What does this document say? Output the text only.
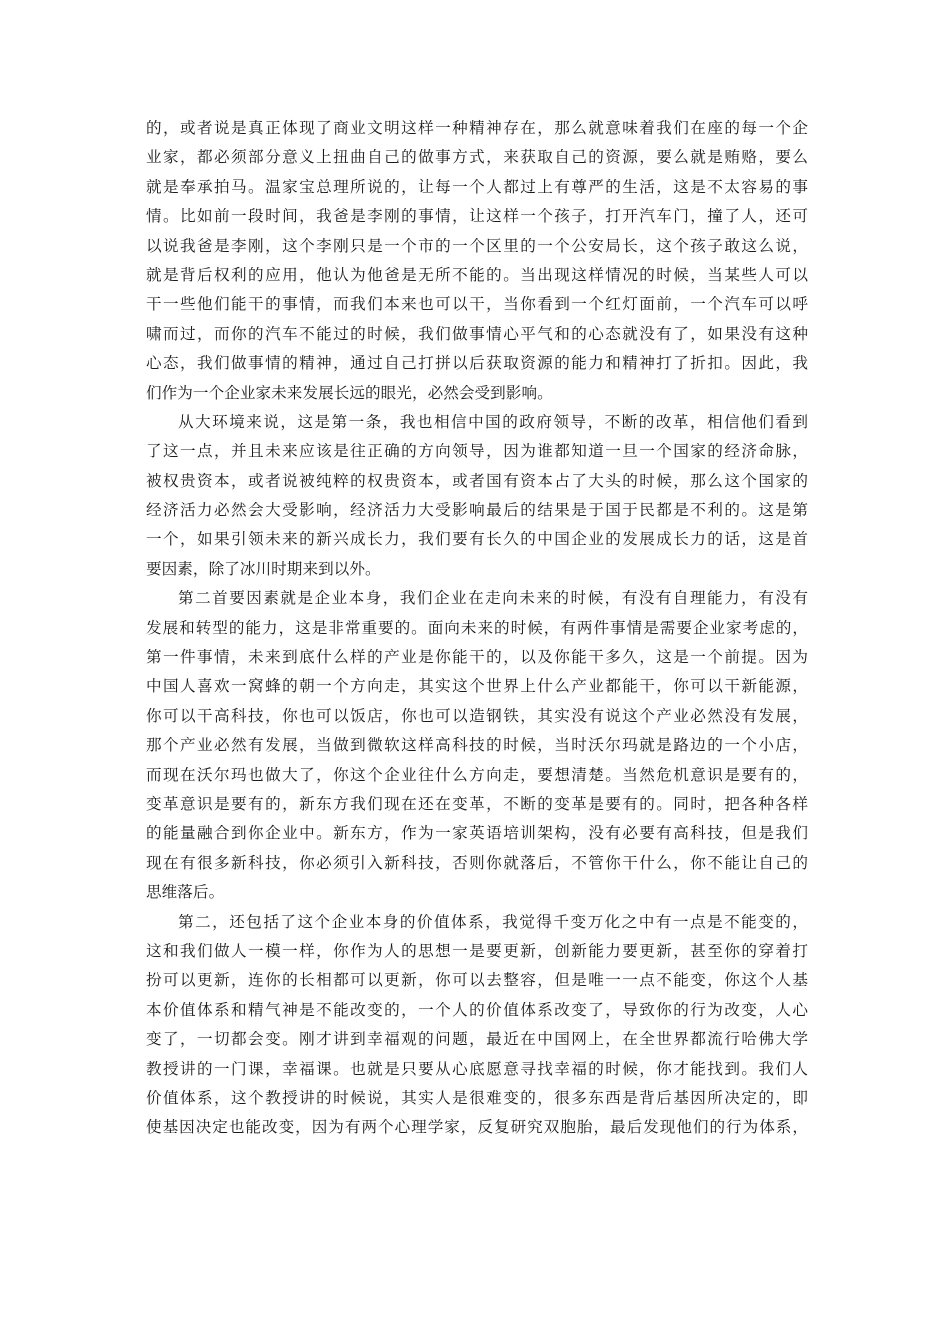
的，或者说是真正体现了商业文明这样一种精神存在，那么就意味着我们在座的每一个企
业家，都必须部分意义上扭曲自己的做事方式，来获取自己的资源，要么就是贿赂，要么
就是奉承拍马。温家宝总理所说的，让每一个人都过上有尊严的生活，这是不太容易的事
情。比如前一段时间，我爸是李刚的事情，让这样一个孩子，打开汽车门，撞了人，还可
以说我爸是李刚，这个李刚只是一个市的一个区里的一个公安局长，这个孩子敢这么说，
就是背后权利的应用，他认为他爸是无所不能的。当出现这样情况的时候，当某些人可以
干一些他们能干的事情，而我们本来也可以干，当你看到一个红灯面前，一个汽车可以呼
啸而过，而你的汽车不能过的时候，我们做事情心平气和的心态就没有了，如果没有这种
心态，我们做事情的精神，通过自己打拼以后获取资源的能力和精神打了折扣。因此，我
们作为一个企业家未来发展长远的眼光，必然会受到影响。
从大环境来说，这是第一条，我也相信中国的政府领导，不断的改革，相信他们看到
了这一点，并且未来应该是往正确的方向领导，因为谁都知道一旦一个国家的经济命脉，
被权贵资本，或者说被纯粹的权贵资本，或者国有资本占了大头的时候，那么这个国家的
经济活力必然会大受影响，经济活力大受影响最后的结果是于国于民都是不利的。这是第
一个，如果引领未来的新兴成长力，我们要有长久的中国企业的发展成长力的话，这是首
要因素，除了冰川时期来到以外。
第二首要因素就是企业本身，我们企业在走向未来的时候，有没有自理能力，有没有
发展和转型的能力，这是非常重要的。面向未来的时候，有两件事情是需要企业家考虑的，
第一件事情，未来到底什么样的产业是你能干的，以及你能干多久，这是一个前提。因为
中国人喜欢一窝蜂的朝一个方向走，其实这个世界上什么产业都能干，你可以干新能源，
你可以干高科技，你也可以饭店，你也可以造钢铁，其实没有说这个产业必然没有发展，
那个产业必然有发展，当做到微软这样高科技的时候，当时沃尔玛就是路边的一个小店，
而现在沃尔玛也做大了，你这个企业往什么方向走，要想清楚。当然危机意识是要有的，
变革意识是要有的，新东方我们现在还在变革，不断的变革是要有的。同时，把各种各样
的能量融合到你企业中。新东方，作为一家英语培训架构，没有必要有高科技，但是我们
现在有很多新科技，你必须引入新科技，否则你就落后，不管你干什么，你不能让自己的
思维落后。
第二，还包括了这个企业本身的价值体系，我觉得千变万化之中有一点是不能变的，
这和我们做人一模一样，你作为人的思想一是要更新，创新能力要更新，甚至你的穿着打
扮可以更新，连你的长相都可以更新，你可以去整容，但是唯一一点不能变，你这个人基
本价值体系和精气神是不能改变的，一个人的价值体系改变了，导致你的行为改变，人心
变了，一切都会变。刚才讲到幸福观的问题，最近在中国网上，在全世界都流行哈佛大学
教授讲的一门课，幸福课。也就是只要从心底愿意寻找幸福的时候，你才能找到。我们人
价值体系，这个教授讲的时候说，其实人是很难变的，很多东西是背后基因所决定的，即
使基因决定也能改变，因为有两个心理学家，反复研究双胞胎，最后发现他们的行为体系，
